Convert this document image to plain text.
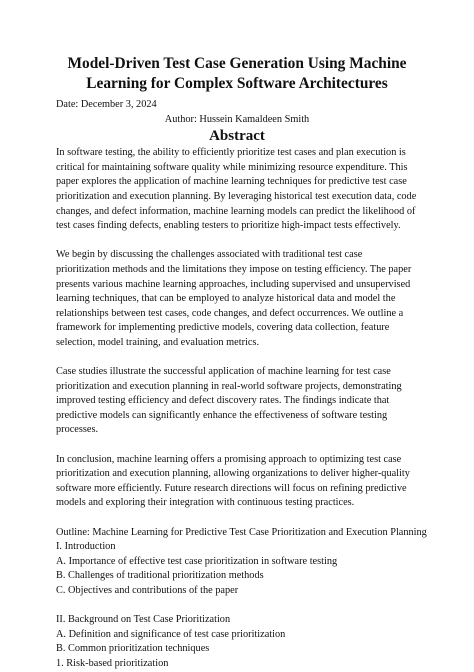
Model-Driven Test Case Generation Using Machine Learning for Complex Software Architectures
Date: December 3, 2024
Author: Hussein Kamaldeen Smith
Abstract

In software testing, the ability to efficiently prioritize test cases and plan execution is critical for maintaining software quality while minimizing resource expenditure. This paper explores the application of machine learning techniques for predictive test case prioritization and execution planning. By leveraging historical test execution data, code changes, and defect information, machine learning models can predict the likelihood of test cases finding defects, enabling testers to prioritize high-impact tests effectively.

We begin by discussing the challenges associated with traditional test case prioritization methods and the limitations they impose on testing efficiency. The paper presents various machine learning approaches, including supervised and unsupervised learning techniques, that can be employed to analyze historical data and model the relationships between test cases, code changes, and defect occurrences. We outline a framework for implementing predictive models, covering data collection, feature selection, model training, and evaluation metrics.

Case studies illustrate the successful application of machine learning for test case prioritization and execution planning in real-world software projects, demonstrating improved testing efficiency and defect discovery rates. The findings indicate that predictive models can significantly enhance the effectiveness of software testing processes.

In conclusion, machine learning offers a promising approach to optimizing test case prioritization and execution planning, allowing organizations to deliver higher-quality software more efficiently. Future research directions will focus on refining predictive models and exploring their integration with continuous testing practices.

Outline: Machine Learning for Predictive Test Case Prioritization and Execution Planning
I. Introduction
A. Importance of effective test case prioritization in software testing
B. Challenges of traditional prioritization methods
C. Objectives and contributions of the paper
II. Background on Test Case Prioritization
A. Definition and significance of test case prioritization
B. Common prioritization techniques
1. Risk-based prioritization
